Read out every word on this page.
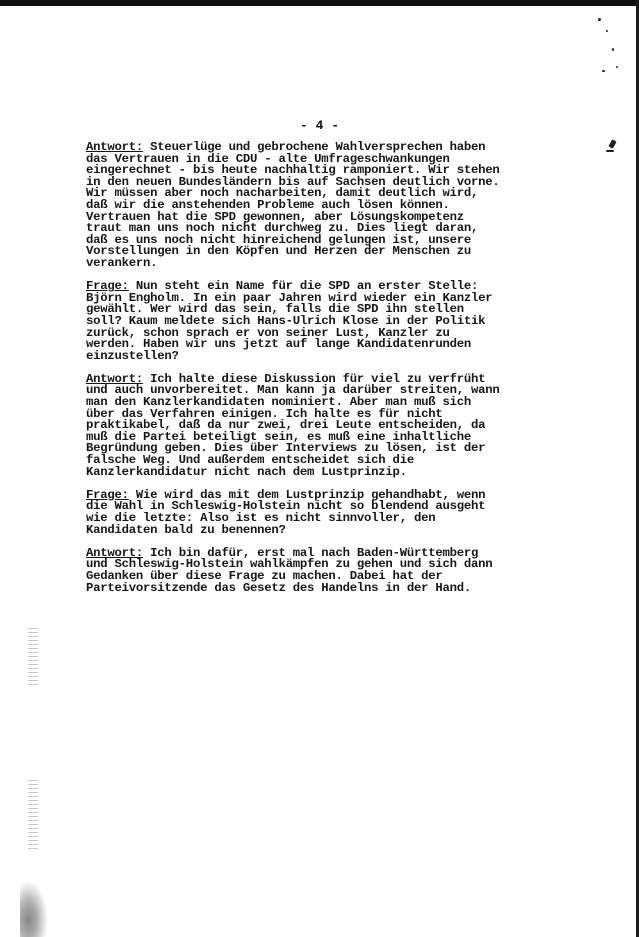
- 4 -
Antwort: Steuerlüge und gebrochene Wahlversprechen haben
das Vertrauen in die CDU - alte Umfrageschwankungen
eingerechnet - bis heute nachhaltig ramponiert. Wir stehen
in den neuen Bundesländern bis auf Sachsen deutlich vorne.
Wir müssen aber noch nacharbeiten, damit deutlich wird,
daß wir die anstehenden Probleme auch lösen können.
Vertrauen hat die SPD gewonnen, aber Lösungskompetenz
traut man uns noch nicht durchweg zu. Dies liegt daran,
daß es uns noch nicht hinreichend gelungen ist, unsere
Vorstellungen in den Köpfen und Herzen der Menschen zu
verankern.
Frage: Nun steht ein Name für die SPD an erster Stelle:
Björn Engholm. In ein paar Jahren wird wieder ein Kanzler
gewählt. Wer wird das sein, falls die SPD ihn stellen
soll? Kaum meldete sich Hans-Ulrich Klose in der Politik
zurück, schon sprach er von seiner Lust, Kanzler zu
werden. Haben wir uns jetzt auf lange Kandidatenrunden
einzustellen?
Antwort: Ich halte diese Diskussion für viel zu verfrüht
und auch unvorbereitet. Man kann ja darüber streiten, wann
man den Kanzlerkandidaten nominiert. Aber man muß sich
über das Verfahren einigen. Ich halte es für nicht
praktikabel, daß da nur zwei, drei Leute entscheiden, da
muß die Partei beteiligt sein, es muß eine inhaltliche
Begründung geben. Dies über Interviews zu lösen, ist der
falsche Weg. Und außerdem entscheidet sich die
Kanzlerkandidatur nicht nach dem Lustprinzip.
Frage: Wie wird das mit dem Lustprinzip gehandhabt, wenn
die Wahl in Schleswig-Holstein nicht so blendend ausgeht
wie die letzte: Also ist es nicht sinnvoller, den
Kandidaten bald zu benennen?
Antwort: Ich bin dafür, erst mal nach Baden-Württemberg
und Schleswig-Holstein wahlkämpfen zu gehen und sich dann
Gedanken über diese Frage zu machen. Dabei hat der
Parteivorsitzende das Gesetz des Handelns in der Hand.
